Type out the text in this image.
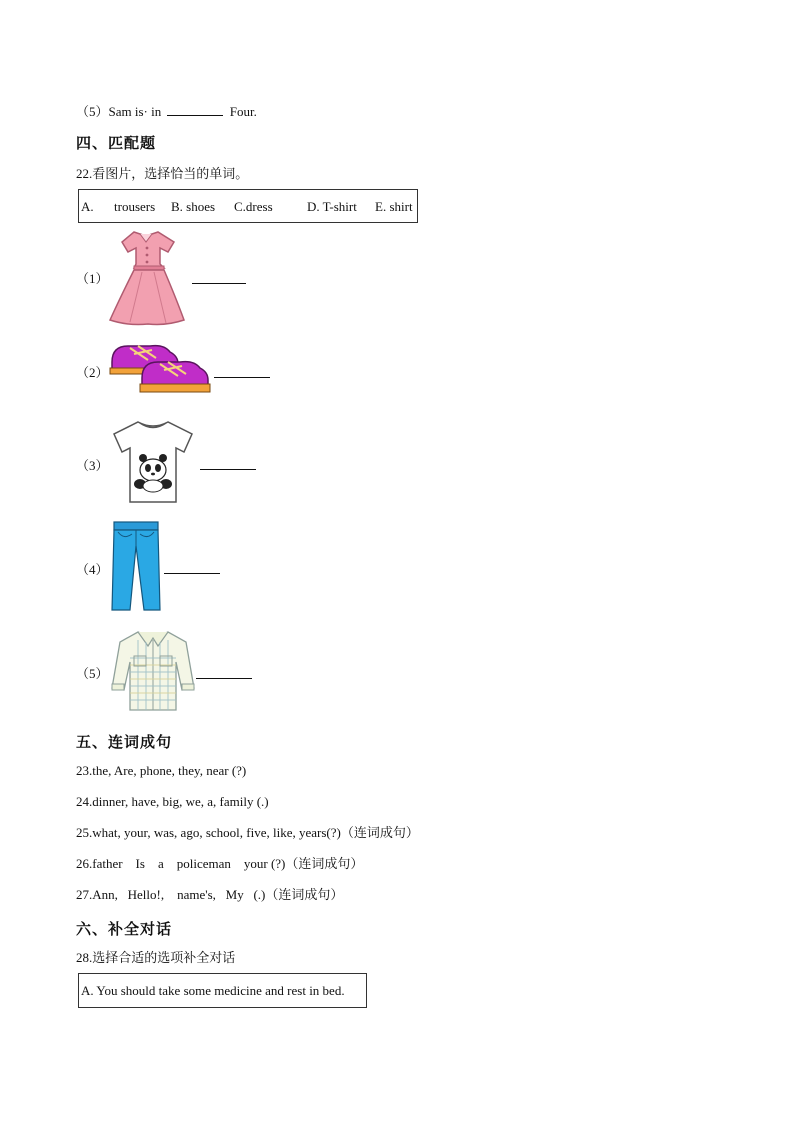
（5）Sam is· in	Four.
四、匹配题
22.看图片，选择恰当的单词。
A. trousers B. shoes C.dress	D. T-shirt E. shirt
（1）
（2）
（3）
（4）
（5）
五、连词成句
23.the, Are, phone, they, near (?)
24.dinner, have, big, we, a, family (.)
25.what, your, was, ago, school, five, like, years(?)（连词成句）
26.father    Is    a    policeman    your (?)（连词成句）
27.Ann,   Hello!,    name's,   My   (.)（连词成句）
六、补全对话
28.选择合适的选项补全对话
A. You should take some medicine and rest in bed.
